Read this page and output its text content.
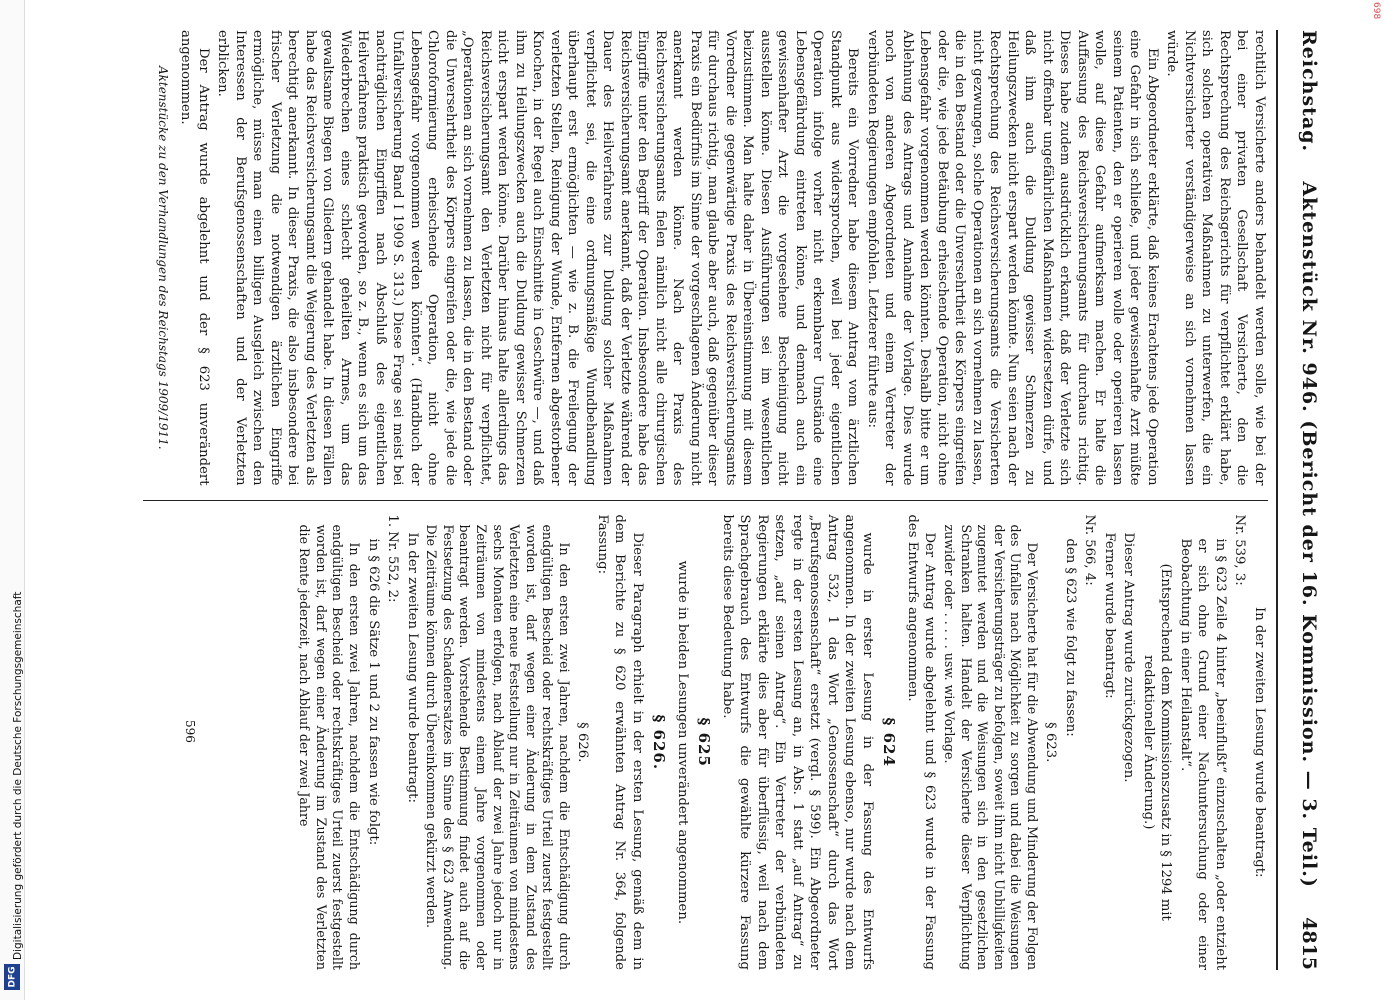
Digitalisierung gefördert durch die Deutsche Forschungsgemeinschaft
DFG
698
Reichstag.
Aktenstück Nr. 946. (Bericht der 16. Kommission. — 3. Teil.)
4815

rechtlich Versicherte anders behandelt werden solle, wie bei der bei einer privaten Gesellschaft Versicherte, den die Rechtsprechung des Reichsgerichts für verpflichtet erklärt habe, sich solchen operativen Maßnahmen zu unterwerfen, die ein Nichtversicherter verständigerweise an sich vornehmen lassen würde.

Ein Abgeordneter erklärte, daß keines Erachtens jede Operation eine Gefahr in sich schließe, und jeder gewissenhafte Arzt müßte seinem Patienten, den er operieren wolle oder operieren lassen wolle, auf diese Gefahr aufmerksam machen. Er halte die Auffassung des Reichsversicherungsamts für durchaus richtig. Dieses habe zudem ausdrücklich erkannt, daß der Verletzte sich nicht offenbar ungefährlichen Maßnahmen widersetzen dürfe, und daß ihm auch die Duldung gewisser Schmerzen zu Heilungszwecken nicht erspart werden könnte. Nun seien nach der Rechtsprechung des Reichsversicherungsamts die Versicherten nicht gezwungen, solche Operationen an sich vornehmen zu lassen, die in den Bestand oder die Unversehrtheit des Körpers eingreifen oder die, wie jede Betäubung erheischende Operation, nicht ohne Lebensgefahr vorgenommen werden könnten. Deshalb bitte er um Ablehnung des Antrags und Annahme der Vorlage. Dies wurde noch von anderen Abgeordneten und einem Vertreter der verbündeten Regierungen empfohlen. Letzterer führte aus:

Bereits ein Vorredner habe diesem Antrag vom ärztlichen Standpunkt aus widersprochen, weil bei jeder eigentlichen Operation infolge vorher nicht erkennbarer Umstände eine Lebensgefährdung eintreten könne, und demnach auch ein gewissenhafter Arzt die vorgesehene Bescheinigung nicht ausstellen könne. Diesen Ausführungen sei im wesentlichen beizustimmen. Man halte daher in Übereinstimmung mit diesem Vorredner die gegenwärtige Praxis des Reichsversicherungsamts für durchaus richtig, man glaube aber auch, daß gegenüber dieser Praxis ein Bedürfnis im Sinne der vorgeschlagenen Änderung nicht anerkannt werden könne. Nach der Praxis des Reichsversicherungsamts fielen nämlich nicht alle chirurgischen Eingriffe unter den Begriff der Operation. Insbesondere habe das Reichsversicherungsamt anerkannt, daß der Verletzte während der Dauer des Heilverfahrens zur Duldung solcher Maßnahmen verpflichtet sei, die eine ordnungsmäßige Wundbehandlung überhaupt erst ermöglichten — wie z. B. die Freilegung der verletzten Stellen, Reinigung der Wunde, Entfernen abgestorbener Knochen, in der Regel auch Einschnitte in Geschwüre —, und daß ihm zu Heilungszwecken auch die Duldung gewisser Schmerzen nicht erspart werden könne. Darüber hinaus halte allerdings das Reichsversicherungsamt den Verletzten nicht für verpflichtet, „Operationen an sich vornehmen zu lassen, die in den Bestand oder die Unversehrtheit des Körpers eingreifen oder die, wie jede die Chloroformierung erheischende Operation, nicht ohne Lebensgefahr vorgenommen werden könnten“. (Handbuch der Unfallversicherung Band I 1909 S. 313.) Diese Frage sei meist bei nachträglichen Eingriffen nach Abschluß des eigentlichen Heilverfahrens praktisch geworden, so z. B., wenn es sich um das Wiederbrechen eines schlecht geheilten Armes, um das gewaltsame Biegen von Gliedern gehandelt habe. In diesen Fällen habe das Reichsversicherungsamt die Weigerung des Verletzten als berechtigt anerkannt. In dieser Praxis, die also insbesondere bei frischer Verletzung die notwendigen ärztlichen Eingriffe ermögliche, müsse man einen billigen Ausgleich zwischen den Interessen der Berufsgenossenschaften und der Verletzten erblicken.

Der Antrag wurde abgelehnt und der § 623 unverändert angenommen.

Aktenstücke zu den Verhandlungen des Reichstags 1909/1911.

In der zweiten Lesung wurde beantragt:

Nr. 539, 3:

in § 623 Zeile 4 hinter „beeinflußt“ einzuschalten „oder entzieht er sich ohne Grund einer Nachuntersuchung oder einer Beobachtung in einer Heilanstalt“.

(Entsprechend dem Kommissionszusatz in § 1294 mit redaktioneller Änderung.)

Dieser Antrag wurde zurückgezogen.

Ferner wurde beantragt:

Nr. 566, 4:

den § 623 wie folgt zu fassen:

§ 623.

Der Versicherte hat für die Abwendung und Minderung der Folgen des Unfalles nach Möglichkeit zu sorgen und dabei die Weisungen der Versicherungsträger zu befolgen, soweit ihm nicht Unbilligkeiten zugemutet werden und die Weisungen sich in den gesetzlichen Schranken halten. Handelt der Versicherte dieser Verpflichtung zuwider oder . . . . . usw. wie Vorlage.

Der Antrag wurde abgelehnt und § 623 wurde in der Fassung des Entwurfs angenommen.

§ 624

wurde in erster Lesung in der Fassung des Entwurfs angenommen. In der zweiten Lesung ebenso, nur wurde nach dem Antrag 532, 1 das Wort „Genossenschaft“ durch das Wort „Berufsgenossenschaft“ ersetzt (vergl. § 599). Ein Abgeordneter regte in der ersten Lesung an, in Abs. 1 statt „auf Antrag“ zu setzen, „auf seinen Antrag“. Ein Vertreter der verbündeten Regierungen erklärte dies aber für überflüssig, weil nach dem Sprachgebrauch des Entwurfs die gewählte kürzere Fassung bereits diese Bedeutung habe.

§ 625

wurde in beiden Lesungen unverändert angenommen.

§ 626.

Dieser Paragraph erhielt in der ersten Lesung, gemäß dem in dem Berichte zu § 620 erwähnten Antrag Nr. 364, folgende Fassung:

§ 626.

In den ersten zwei Jahren, nachdem die Entschädigung durch endgültigen Bescheid oder rechtskräftiges Urteil zuerst festgestellt worden ist, darf wegen einer Änderung in dem Zustand des Verletzten eine neue Feststellung nur in Zeiträumen von mindestens sechs Monaten erfolgen, nach Ablauf der zwei Jahre jedoch nur in Zeiträumen von mindestens einem Jahre vorgenommen oder beantragt werden. Vorstehende Bestimmung findet auch auf die Festsetzung des Schadenersatzes im Sinne des § 623 Anwendung. Die Zeiträume können durch Übereinkommen gekürzt werden.

In der zweiten Lesung wurde beantragt:

1. Nr. 552, 2:

in § 626 die Sätze 1 und 2 zu fassen wie folgt:

In den ersten zwei Jahren, nachdem die Entschädigung durch endgültigen Bescheid oder rechtskräftiges Urteil zuerst festgestellt worden ist, darf wegen einer Änderung im Zustand des Verletzten die Rente jederzeit, nach Ablauf der zwei Jahre

596
